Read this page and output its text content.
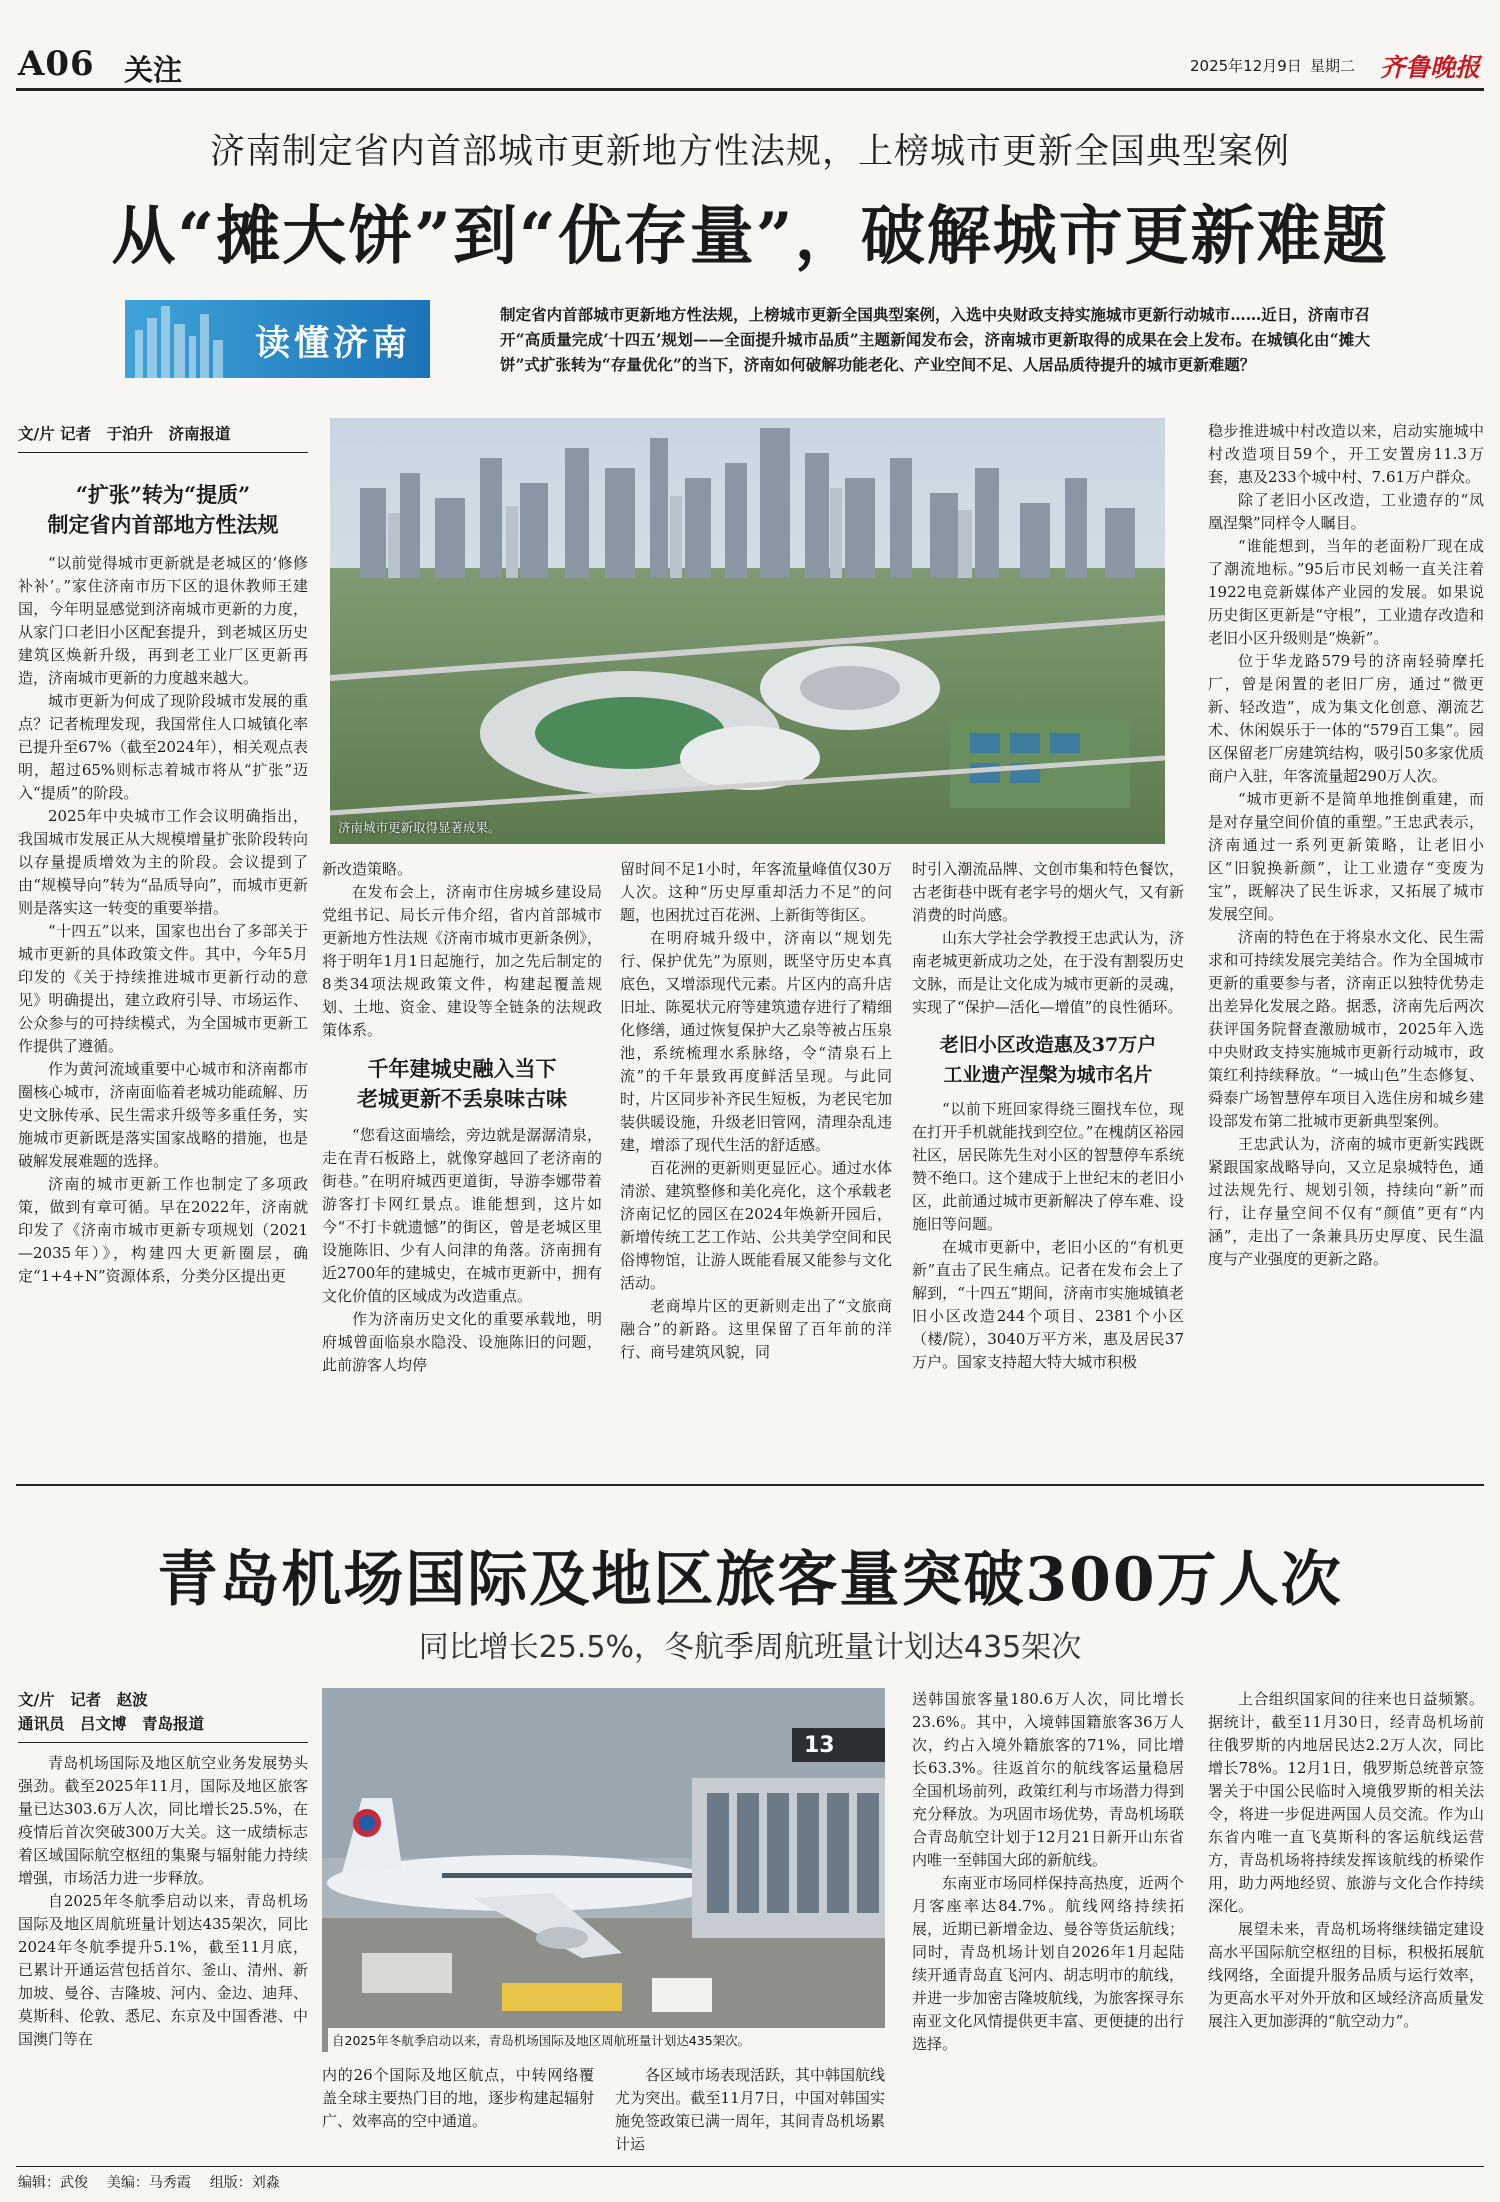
A06 关注	2025年12月9日 星期二 齐鲁晚报
济南制定省内首部城市更新地方性法规，上榜城市更新全国典型案例
从“摊大饼”到“优存量”，破解城市更新难题
读懂济南
制定省内首部城市更新地方性法规，上榜城市更新全国典型案例，入选中央财政支持实施城市更新行动城市……近日，济南市召开“高质量完成‘十四五’规划——全面提升城市品质”主题新闻发布会，济南城市更新取得的成果在会上发布。在城镇化由“摊大饼”式扩张转为“存量优化”的当下，济南如何破解功能老化、产业空间不足、人居品质待提升的城市更新难题？
文/片 记者　于泊升　济南报道
“扩张”转为“提质”
制定省内首部地方性法规

“以前觉得城市更新就是老城区的‘修修补补’。”家住济南市历下区的退休教师王建国，今年明显感觉到济南城市更新的力度，从家门口老旧小区配套提升，到老城区历史建筑区焕新升级，再到老工业厂区更新再造，济南城市更新的力度越来越大。

城市更新为何成了现阶段城市发展的重点？记者梳理发现，我国常住人口城镇化率已提升至67%（截至2024年），相关观点表明，超过65%则标志着城市将从“扩张”迈入“提质”的阶段。

2025年中央城市工作会议明确指出，我国城市发展正从大规模增量扩张阶段转向以存量提质增效为主的阶段。会议提到了由“规模导向”转为“品质导向”，而城市更新则是落实这一转变的重要举措。

“十四五”以来，国家也出台了多部关于城市更新的具体政策文件。其中，今年5月印发的《关于持续推进城市更新行动的意见》明确提出，建立政府引导、市场运作、公众参与的可持续模式，为全国城市更新工作提供了遵循。

作为黄河流域重要中心城市和济南都市圈核心城市，济南面临着老城功能疏解、历史文脉传承、民生需求升级等多重任务，实施城市更新既是落实国家战略的措施，也是破解发展难题的选择。

济南的城市更新工作也制定了多项政策，做到有章可循。早在2022年，济南就印发了《济南市城市更新专项规划（2021—2035年）》，构建四大更新圈层，确定“1+4+N”资源体系，分类分区提出更

济南城市更新取得显著成果。

新改造策略。

在发布会上，济南市住房城乡建设局党组书记、局长亓伟介绍，省内首部城市更新地方性法规《济南市城市更新条例》，将于明年1月1日起施行，加之先后制定的8类34项法规政策文件，构建起覆盖规划、土地、资金、建设等全链条的法规政策体系。

千年建城史融入当下
老城更新不丢泉味古味

“您看这面墙绘，旁边就是潺潺清泉，走在青石板路上，就像穿越回了老济南的街巷。”在明府城西更道街，导游李娜带着游客打卡网红景点。谁能想到，这片如今“不打卡就遗憾”的街区，曾是老城区里设施陈旧、少有人问津的角落。济南拥有近2700年的建城史，在城市更新中，拥有文化价值的区域成为改造重点。

作为济南历史文化的重要承载地，明府城曾面临泉水隐没、设施陈旧的问题，此前游客人均停

留时间不足1小时，年客流量峰值仅30万人次。这种“历史厚重却活力不足”的问题，也困扰过百花洲、上新街等街区。

在明府城升级中，济南以“规划先行、保护优先”为原则，既坚守历史本真底色，又增添现代元素。片区内的高升店旧址、陈冕状元府等建筑遗存进行了精细化修缮，通过恢复保护大乙泉等被占压泉池，系统梳理水系脉络，令“清泉石上流”的千年景致再度鲜活呈现。与此同时，片区同步补齐民生短板，为老民宅加装供暖设施，升级老旧管网，清理杂乱违建，增添了现代生活的舒适感。

百花洲的更新则更显匠心。通过水体清淤、建筑整修和美化亮化，这个承载老济南记忆的园区在2024年焕新开园后，新增传统工艺工作站、公共美学空间和民俗博物馆，让游人既能看展又能参与文化活动。

老商埠片区的更新则走出了“文旅商融合”的新路。这里保留了百年前的洋行、商号建筑风貌，同

时引入潮流品牌、文创市集和特色餐饮，古老街巷中既有老字号的烟火气，又有新消费的时尚感。

山东大学社会学教授王忠武认为，济南老城更新成功之处，在于没有割裂历史文脉，而是让文化成为城市更新的灵魂，实现了“保护—活化—增值”的良性循环。

老旧小区改造惠及37万户
工业遗产涅槃为城市名片

“以前下班回家得绕三圈找车位，现在打开手机就能找到空位。”在槐荫区裕园社区，居民陈先生对小区的智慧停车系统赞不绝口。这个建成于上世纪末的老旧小区，此前通过城市更新解决了停车难、设施旧等问题。

在城市更新中，老旧小区的“有机更新”直击了民生痛点。记者在发布会上了解到，“十四五”期间，济南市实施城镇老旧小区改造244个项目、2381个小区（楼/院），3040万平方米，惠及居民37万户。国家支持超大特大城市积极

稳步推进城中村改造以来，启动实施城中村改造项目59个，开工安置房11.3万套，惠及233个城中村、7.61万户群众。

除了老旧小区改造，工业遗存的“凤凰涅槃”同样令人瞩目。

“谁能想到，当年的老面粉厂现在成了潮流地标。”95后市民刘畅一直关注着1922电竞新媒体产业园的发展。如果说历史街区更新是“守根”，工业遗存改造和老旧小区升级则是“焕新”。

位于华龙路579号的济南轻骑摩托厂，曾是闲置的老旧厂房，通过“微更新、轻改造”，成为集文化创意、潮流艺术、休闲娱乐于一体的“579百工集”。园区保留老厂房建筑结构，吸引50多家优质商户入驻，年客流量超290万人次。

“城市更新不是简单地推倒重建，而是对存量空间价值的重塑。”王忠武表示，济南通过一系列更新策略，让老旧小区“旧貌换新颜”，让工业遗存“变废为宝”，既解决了民生诉求，又拓展了城市发展空间。

济南的特色在于将泉水文化、民生需求和可持续发展完美结合。作为全国城市更新的重要参与者，济南正以独特优势走出差异化发展之路。据悉，济南先后两次获评国务院督查激励城市，2025年入选中央财政支持实施城市更新行动城市，政策红利持续释放。“一城山色”生态修复、舜泰广场智慧停车项目入选住房和城乡建设部发布第二批城市更新典型案例。

王忠武认为，济南的城市更新实践既紧跟国家战略导向，又立足泉城特色，通过法规先行、规划引领，持续向“新”而行，让存量空间不仅有“颜值”更有“内涵”，走出了一条兼具历史厚度、民生温度与产业强度的更新之路。

青岛机场国际及地区旅客量突破300万人次
同比增长25.5%，冬航季周航班量计划达435架次
文/片　记者　赵波
通讯员　吕文博　青岛报道

青岛机场国际及地区航空业务发展势头强劲。截至2025年11月，国际及地区旅客量已达303.6万人次，同比增长25.5%，在疫情后首次突破300万大关。这一成绩标志着区域国际航空枢纽的集聚与辐射能力持续增强，市场活力进一步释放。

自2025年冬航季启动以来，青岛机场国际及地区周航班量计划达435架次，同比2024年冬航季提升5.1%，截至11月底，已累计开通运营包括首尔、釜山、清州、新加坡、曼谷、吉隆坡、河内、金边、迪拜、莫斯科、伦敦、悉尼、东京及中国香港、中国澳门等在

13
自2025年冬航季启动以来，青岛机场国际及地区周航班量计划达435架次。

内的26个国际及地区航点，中转网络覆盖全球主要热门目的地，逐步构建起辐射广、效率高的空中通道。

各区域市场表现活跃，其中韩国航线尤为突出。截至11月7日，中国对韩国实施免签政策已满一周年，其间青岛机场累计运

送韩国旅客量180.6万人次，同比增长23.6%。其中，入境韩国籍旅客36万人次，约占入境外籍旅客的71%，同比增长63.3%。往返首尔的航线客运量稳居全国机场前列，政策红利与市场潜力得到充分释放。为巩固市场优势，青岛机场联合青岛航空计划于12月21日新开山东省内唯一至韩国大邱的新航线。

东南亚市场同样保持高热度，近两个月客座率达84.7%。航线网络持续拓展，近期已新增金边、曼谷等货运航线；同时，青岛机场计划自2026年1月起陆续开通青岛直飞河内、胡志明市的航线，并进一步加密吉隆坡航线，为旅客探寻东南亚文化风情提供更丰富、更便捷的出行选择。

上合组织国家间的往来也日益频繁。据统计，截至11月30日，经青岛机场前往俄罗斯的内地居民达2.2万人次，同比增长78%。12月1日，俄罗斯总统普京签署关于中国公民临时入境俄罗斯的相关法令，将进一步促进两国人员交流。作为山东省内唯一直飞莫斯科的客运航线运营方，青岛机场将持续发挥该航线的桥梁作用，助力两地经贸、旅游与文化合作持续深化。

展望未来，青岛机场将继续锚定建设高水平国际航空枢纽的目标，积极拓展航线网络，全面提升服务品质与运行效率，为更高水平对外开放和区域经济高质量发展注入更加澎湃的“航空动力”。

编辑：武俊 美编：马秀霞 组版：刘淼
